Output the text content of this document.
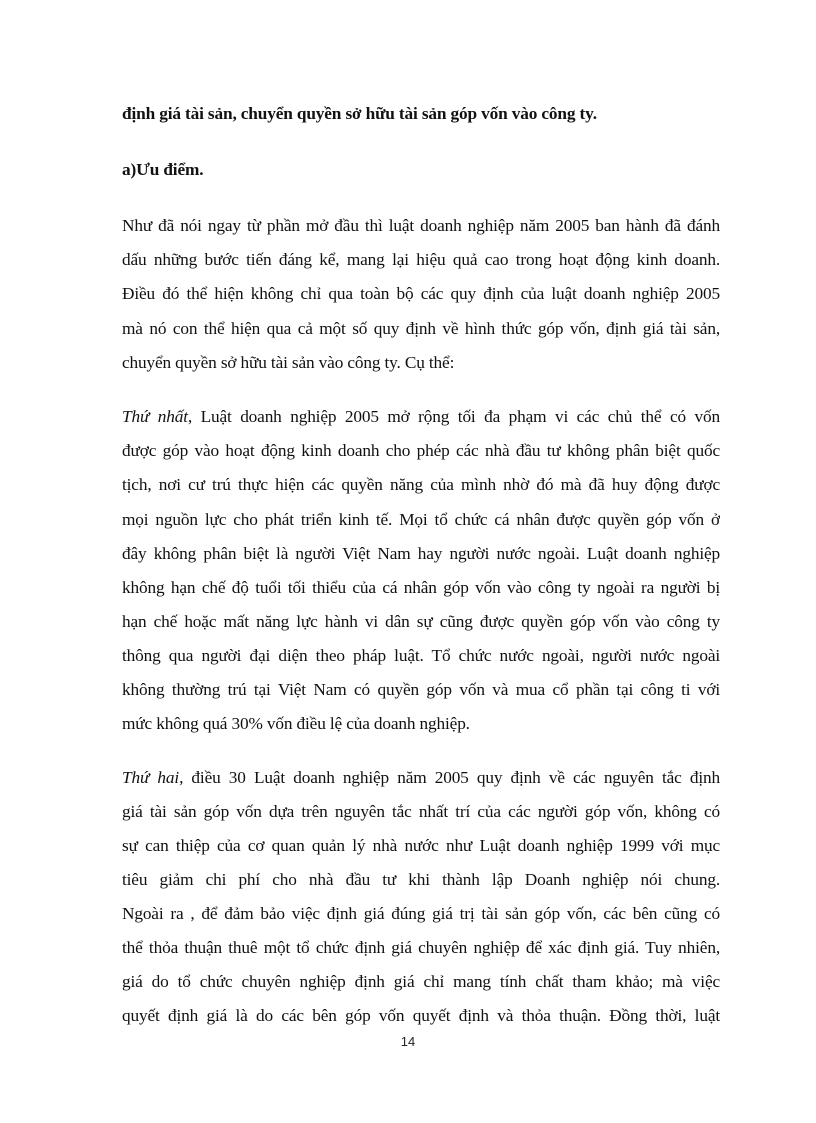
định giá tài sản, chuyển quyền sở hữu tài sản góp vốn vào công ty.
a)Ưu điểm.
Như đã nói ngay từ phần mở đầu thì luật doanh nghiệp năm 2005 ban hành đã đánh
dấu những bước tiến đáng kể, mang lại hiệu quả cao trong hoạt động kinh doanh.
Điều đó thể hiện không chỉ qua toàn bộ các quy định của luật doanh nghiệp 2005
mà nó con thể hiện qua cả một số quy định về hình thức góp vốn, định giá tài sản,
chuyển quyền sở hữu tài sản vào công ty. Cụ thể:
Thứ nhất, Luật doanh nghiệp 2005 mở rộng tối đa phạm vi các chủ thể có vốn
được góp vào hoạt động kinh doanh cho phép các nhà đầu tư không phân biệt quốc
tịch, nơi cư trú thực hiện các quyền năng của mình nhờ đó mà đã huy động được
mọi nguồn lực cho phát triển kinh tế. Mọi tổ chức cá nhân được quyền góp vốn ở
đây không phân biệt là người Việt Nam hay người nước ngoài. Luật doanh nghiệp
không hạn chế độ tuổi tối thiểu của cá nhân góp vốn vào công ty ngoài ra người bị
hạn chế hoặc mất năng lực hành vi dân sự cũng được quyền góp vốn vào công ty
thông qua người đại diện theo pháp luật. Tổ chức nước ngoài, người nước ngoài
không thường trú tại Việt Nam có quyền góp vốn và mua cổ phần tại công ti với
mức không quá 30% vốn điều lệ của doanh nghiệp.
Thứ hai, điều 30 Luật doanh nghiệp năm 2005 quy định về các nguyên tắc định
giá tài sản góp vốn dựa trên nguyên tắc nhất trí của các người góp vốn, không có
sự can thiệp của cơ quan quản lý nhà nước như Luật doanh nghiệp 1999 với mục
tiêu giảm chi phí cho nhà đầu tư khi thành lập Doanh nghiệp nói chung.
Ngoài ra , để đảm bảo việc định giá đúng giá trị tài sản góp vốn, các bên cũng có
thể thỏa thuận thuê một tổ chức định giá chuyên nghiệp để xác định giá. Tuy nhiên,
giá do tổ chức chuyên nghiệp định giá chỉ mang tính chất tham khảo; mà việc
quyết định giá là do các bên góp vốn quyết định và thỏa thuận. Đồng thời, luật
14
